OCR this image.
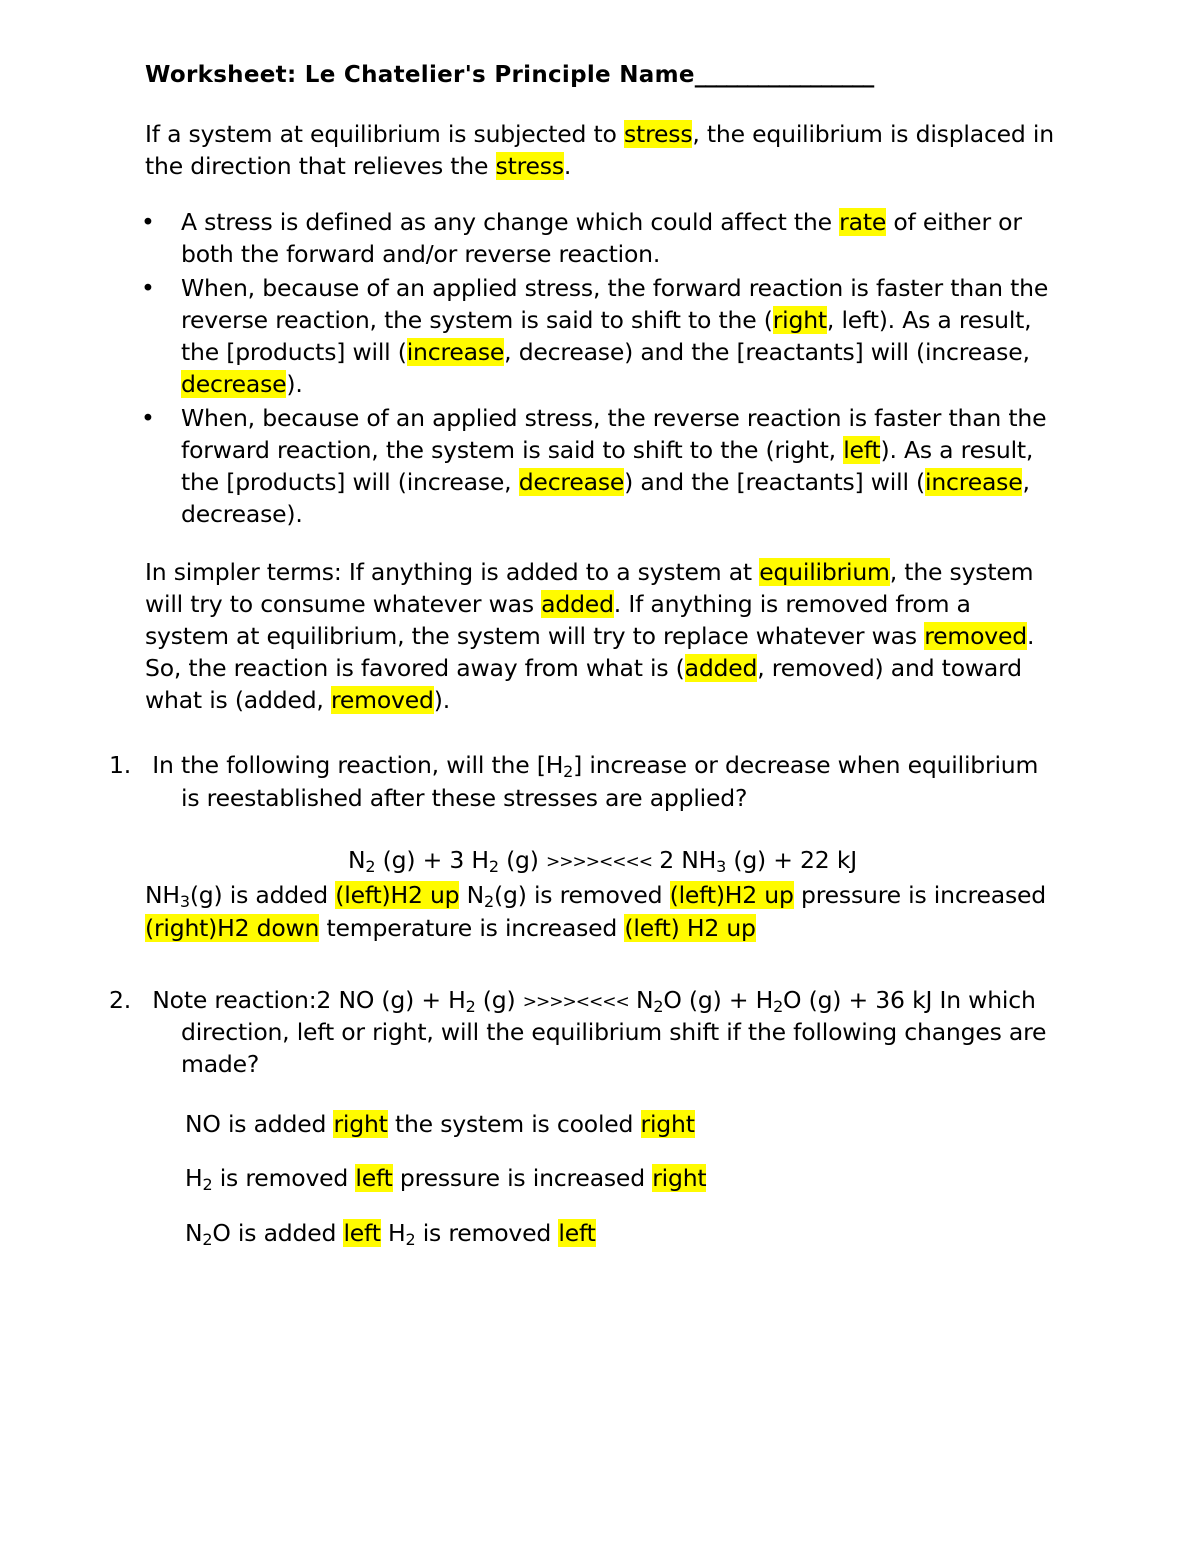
Worksheet: Le Chatelier's Principle Name_________________

If a system at equilibrium is subjected to stress, the equilibrium is displaced in the direction that relieves the stress.

• A stress is defined as any change which could affect the rate of either or both the forward and/or reverse reaction.
• When, because of an applied stress, the forward reaction is faster than the reverse reaction, the system is said to shift to the (right, left). As a result, the [products] will (increase, decrease) and the [reactants] will (increase, decrease).
• When, because of an applied stress, the reverse reaction is faster than the forward reaction, the system is said to shift to the (right, left). As a result, the [products] will (increase, decrease) and the [reactants] will (increase, decrease).

In simpler terms: If anything is added to a system at equilibrium, the system will try to consume whatever was added. If anything is removed from a system at equilibrium, the system will try to replace whatever was removed. So, the reaction is favored away from what is (added, removed) and toward what is (added, removed).

1. In the following reaction, will the $[H_2]$ increase or decrease when equilibrium is reestablished after these stresses are applied?
$N_2$ (g) + 3 $H_2$ (g) >>>><<<< 2 $NH_3$ (g) + 22 kJ
$NH_3(g)$ is added (left)H2 up $N_2(g)$ is removed (left)H2 up pressure is increased (right)H2 down temperature is increased (left) H2 up
2. Note reaction:2 NO $(g) + H_2$ (g) >>>><<<< $N_2O$ $(g) + H_2O$ (g) + 36 kJ In which direction, left or right, will the equilibrium shift if the following changes are made?
NO is added right the system is cooled right
$H_2$ is removed left pressure is increased right
$N_2O$ is added left $H_2$ is removed left
